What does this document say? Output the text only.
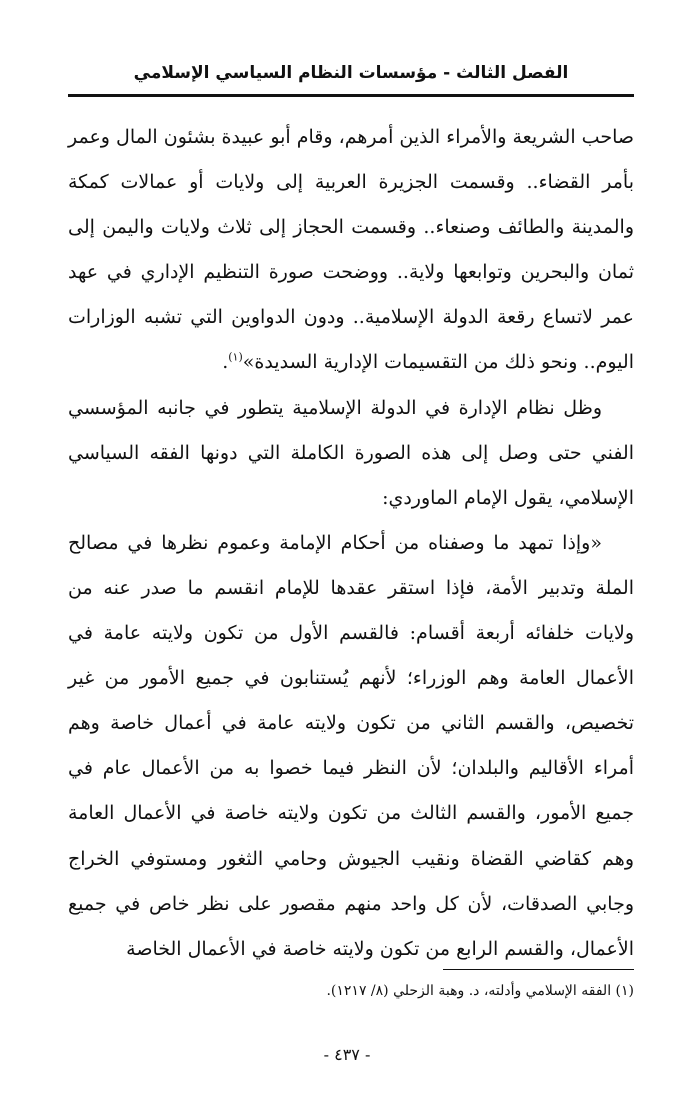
الفصل الثالث - مؤسسات النظام السياسي الإسلامي

صاحب الشريعة والأمراء الذين أمرهم، وقام أبو عبيدة بشئون المال وعمر بأمر القضاء.. وقسمت الجزيرة العربية إلى ولايات أو عمالات كمكة والمدينة والطائف وصنعاء.. وقسمت الحجاز إلى ثلاث ولايات واليمن إلى ثمان والبحرين وتوابعها ولاية.. ووضحت صورة التنظيم الإداري في عهد عمر لاتساع رقعة الدولة الإسلامية.. ودون الدواوين التي تشبه الوزارات اليوم.. ونحو ذلك من التقسيمات الإدارية السديدة»$^{(١)}$.

وظل نظام الإدارة في الدولة الإسلامية يتطور في جانبه المؤسسي الفني حتى وصل إلى هذه الصورة الكاملة التي دونها الفقه السياسي الإسلامي، يقول الإمام الماوردي:

«وإذا تمهد ما وصفناه من أحكام الإمامة وعموم نظرها في مصالح الملة وتدبير الأمة، فإذا استقر عقدها للإمام انقسم ما صدر عنه من ولايات خلفائه أربعة أقسام: فالقسم الأول من تكون ولايته عامة في الأعمال العامة وهم الوزراء؛ لأنهم يُستنابون في جميع الأمور من غير تخصيص، والقسم الثاني من تكون ولايته عامة في أعمال خاصة وهم أمراء الأقاليم والبلدان؛ لأن النظر فيما خصوا به من الأعمال عام في جميع الأمور، والقسم الثالث من تكون ولايته خاصة في الأعمال العامة وهم كقاضي القضاة ونقيب الجيوش وحامي الثغور ومستوفي الخراج وجابي الصدقات، لأن كل واحد منهم مقصور على نظر خاص في جميع الأعمال، والقسم الرابع من تكون ولايته خاصة في الأعمال الخاصة

(١) الفقه الإسلامي وأدلته، د. وهبة الزحلي (٨/ ١٢١٧).
- ٤٣٧ -
